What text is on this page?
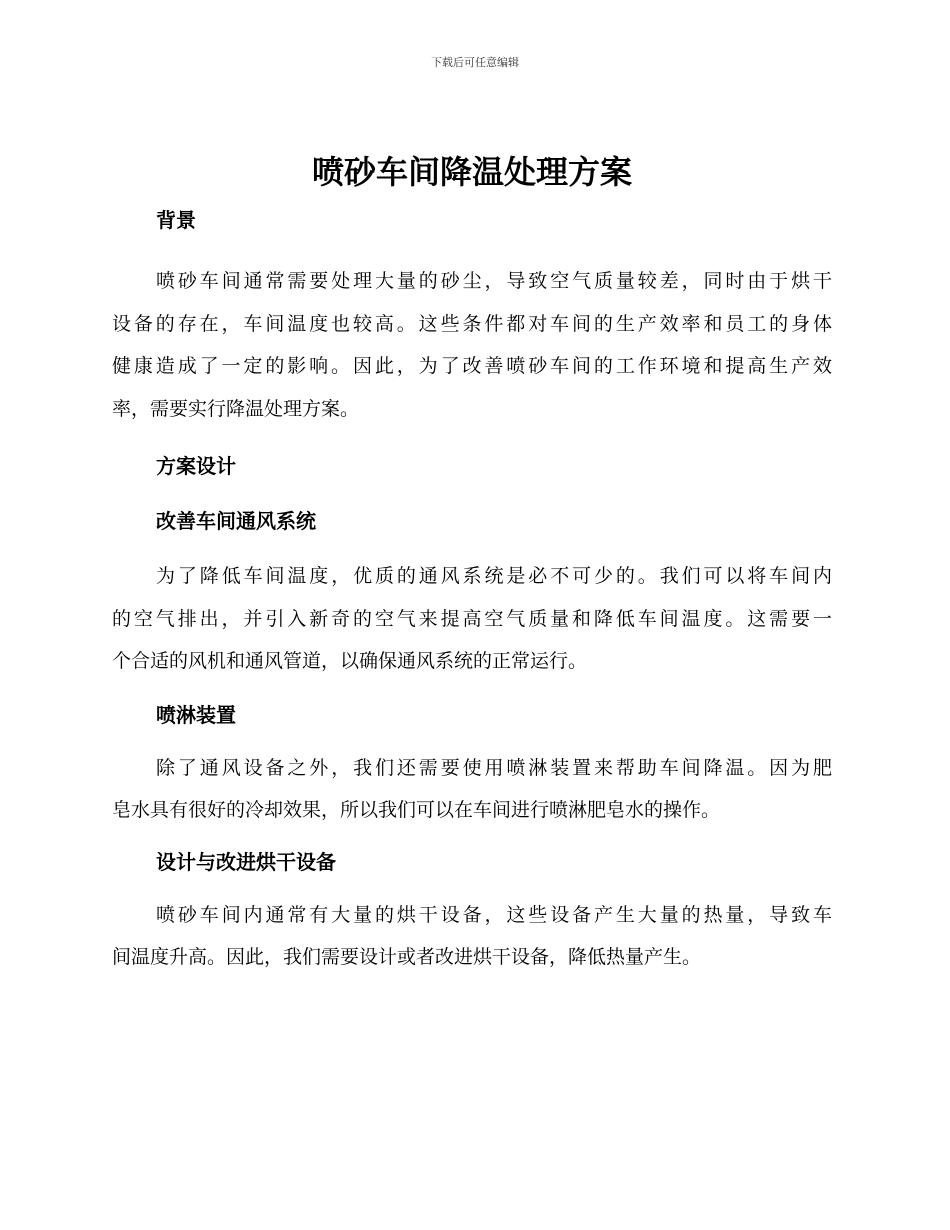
下载后可任意编辑
喷砂车间降温处理方案
背景
喷砂车间通常需要处理大量的砂尘，导致空气质量较差，同时由于烘干
设备的存在，车间温度也较高。这些条件都对车间的生产效率和员工的身体
健康造成了一定的影响。因此，为了改善喷砂车间的工作环境和提高生产效
率，需要实行降温处理方案。
方案设计
改善车间通风系统
为了降低车间温度，优质的通风系统是必不可少的。我们可以将车间内
的空气排出，并引入新奇的空气来提高空气质量和降低车间温度。这需要一
个合适的风机和通风管道，以确保通风系统的正常运行。
喷淋装置
除了通风设备之外，我们还需要使用喷淋装置来帮助车间降温。因为肥
皂水具有很好的冷却效果，所以我们可以在车间进行喷淋肥皂水的操作。
设计与改进烘干设备
喷砂车间内通常有大量的烘干设备，这些设备产生大量的热量，导致车
间温度升高。因此，我们需要设计或者改进烘干设备，降低热量产生。
